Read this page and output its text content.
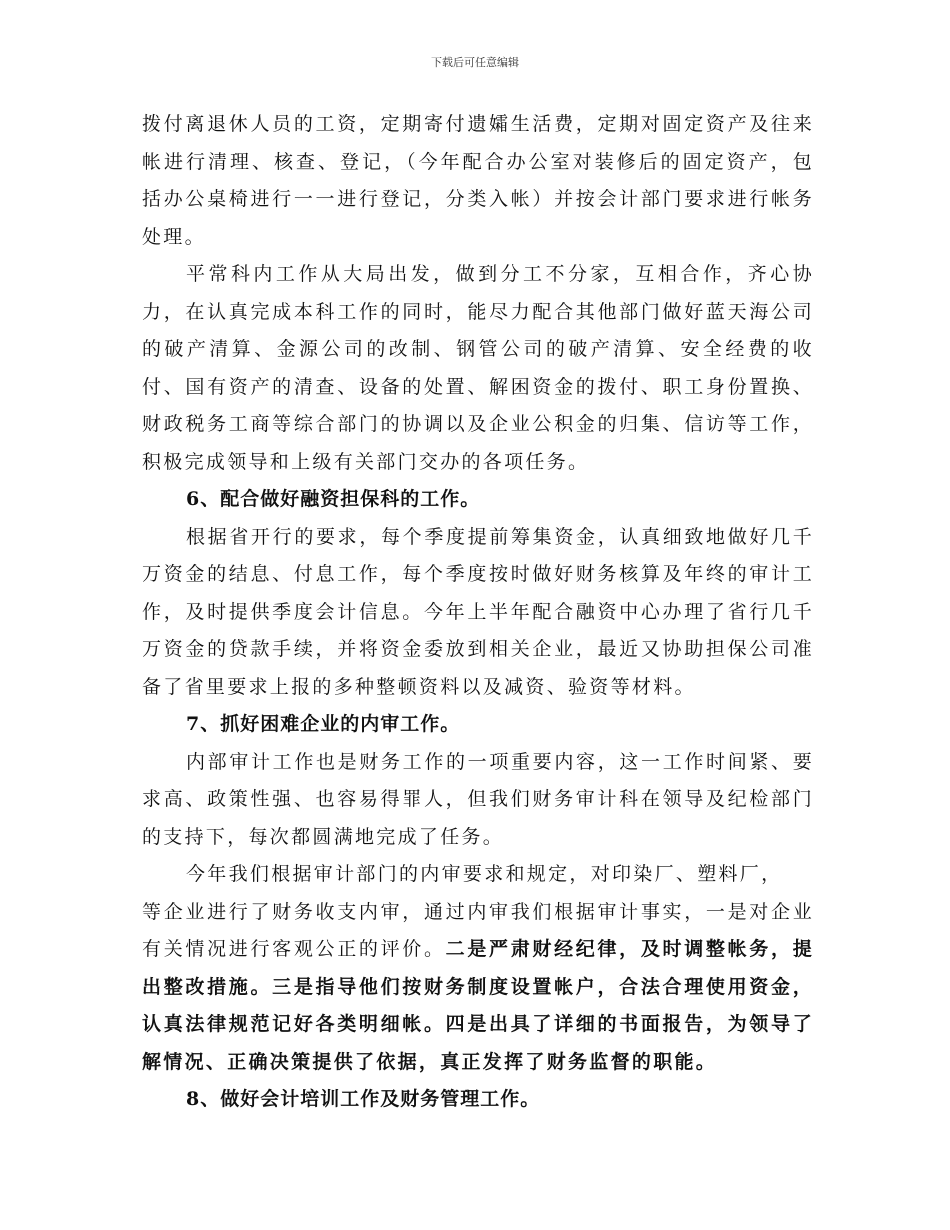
下载后可任意编辑

拨付离退休人员的工资，定期寄付遗孀生活费，定期对固定资产及往来帐进行清理、核查、登记，（今年配合办公室对装修后的固定资产，包括办公桌椅进行一一进行登记，分类入帐）并按会计部门要求进行帐务处理。

平常科内工作从大局出发，做到分工不分家，互相合作，齐心协力，在认真完成本科工作的同时，能尽力配合其他部门做好蓝天海公司的破产清算、金源公司的改制、钢管公司的破产清算、安全经费的收付、国有资产的清查、设备的处置、解困资金的拨付、职工身份置换、财政税务工商等综合部门的协调以及企业公积金的归集、信访等工作，积极完成领导和上级有关部门交办的各项任务。

6、配合做好融资担保科的工作。

根据省开行的要求，每个季度提前筹集资金，认真细致地做好几千万资金的结息、付息工作，每个季度按时做好财务核算及年终的审计工作，及时提供季度会计信息。今年上半年配合融资中心办理了省行几千万资金的贷款手续，并将资金委放到相关企业，最近又协助担保公司准备了省里要求上报的多种整顿资料以及减资、验资等材料。

7、抓好困难企业的内审工作。

内部审计工作也是财务工作的一项重要内容，这一工作时间紧、要求高、政策性强、也容易得罪人，但我们财务审计科在领导及纪检部门的支持下，每次都圆满地完成了任务。

今年我们根据审计部门的内审要求和规定，对印染厂、塑料厂，

等企业进行了财务收支内审，通过内审我们根据审计事实，一是对企业有关情况进行客观公正的评价。二是严肃财经纪律，及时调整帐务，提出整改措施。三是指导他们按财务制度设置帐户，合法合理使用资金，认真法律规范记好各类明细帐。四是出具了详细的书面报告，为领导了解情况、正确决策提供了依据，真正发挥了财务监督的职能。

8、做好会计培训工作及财务管理工作。
